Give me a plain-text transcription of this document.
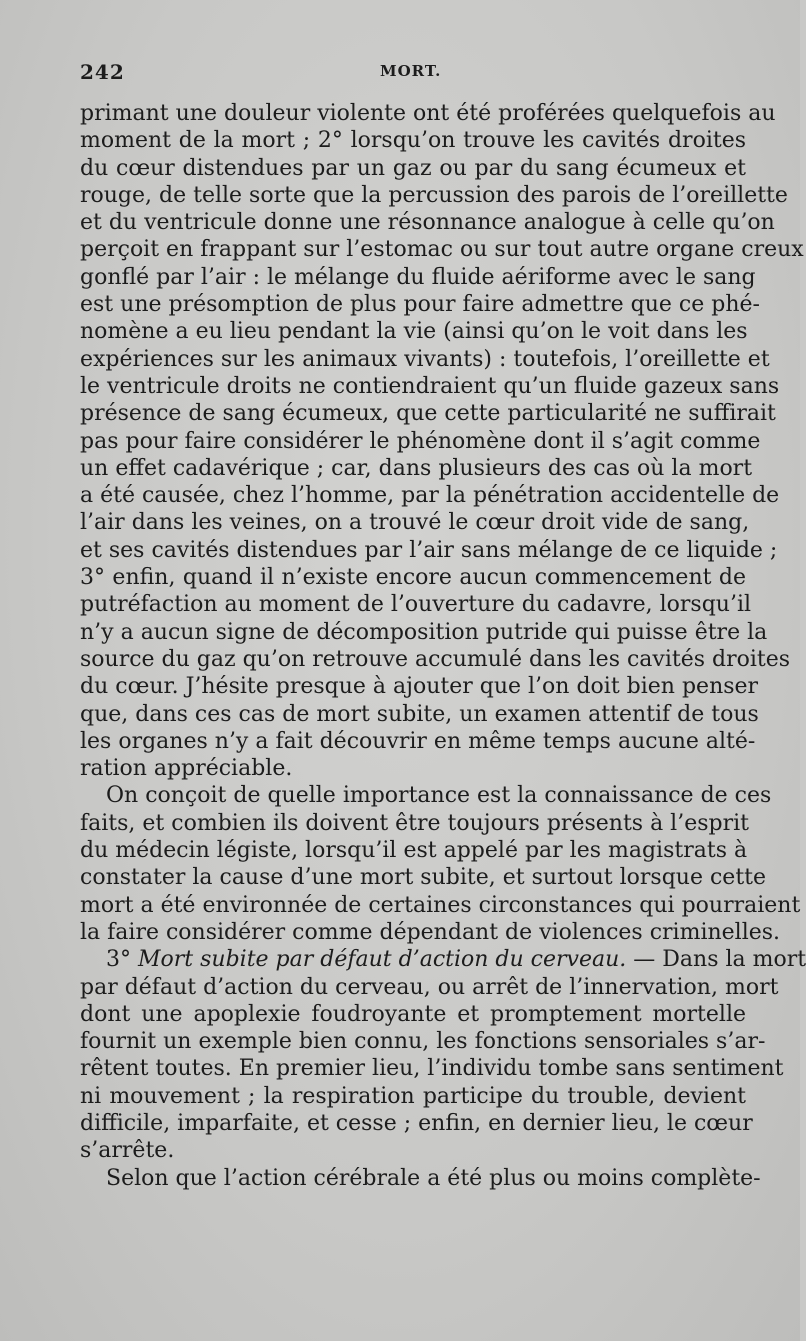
242	MORT.
primant une douleur violente ont été proférées quelquefois au
moment de la mort ; 2° lorsqu’on trouve les cavités droites
du cœur distendues par un gaz ou par du sang écumeux et
rouge, de telle sorte que la percussion des parois de l’oreillette
et du ventricule donne une résonnance analogue à celle qu’on
perçoit en frappant sur l’estomac ou sur tout autre organe creux
gonflé par l’air : le mélange du fluide aériforme avec le sang
est une présomption de plus pour faire admettre que ce phé-
nomène a eu lieu pendant la vie (ainsi qu’on le voit dans les
expériences sur les animaux vivants) : toutefois, l’oreillette et
le ventricule droits ne contiendraient qu’un fluide gazeux sans
présence de sang écumeux, que cette particularité ne suffirait
pas pour faire considérer le phénomène dont il s’agit comme
un effet cadavérique ; car, dans plusieurs des cas où la mort
a été causée, chez l’homme, par la pénétration accidentelle de
l’air dans les veines, on a trouvé le cœur droit vide de sang,
et ses cavités distendues par l’air sans mélange de ce liquide ;
3° enfin, quand il n’existe encore aucun commencement de
putréfaction au moment de l’ouverture du cadavre, lorsqu’il
n’y a aucun signe de décomposition putride qui puisse être la
source du gaz qu’on retrouve accumulé dans les cavités droites
du cœur. J’hésite presque à ajouter que l’on doit bien penser
que, dans ces cas de mort subite, un examen attentif de tous
les organes n’y a fait découvrir en même temps aucune alté-
ration appréciable.
On conçoit de quelle importance est la connaissance de ces
faits, et combien ils doivent être toujours présents à l’esprit
du médecin légiste, lorsqu’il est appelé par les magistrats à
constater la cause d’une mort subite, et surtout lorsque cette
mort a été environnée de certaines circonstances qui pourraient
la faire considérer comme dépendant de violences criminelles.
3° Mort subite par défaut d’action du cerveau. — Dans la mort
par défaut d’action du cerveau, ou arrêt de l’innervation, mort
dont une apoplexie foudroyante et promptement mortelle
fournit un exemple bien connu, les fonctions sensoriales s’ar-
rêtent toutes. En premier lieu, l’individu tombe sans sentiment
ni mouvement ; la respiration participe du trouble, devient
difficile, imparfaite, et cesse ; enfin, en dernier lieu, le cœur
s’arrête.
Selon que l’action cérébrale a été plus ou moins complète-
